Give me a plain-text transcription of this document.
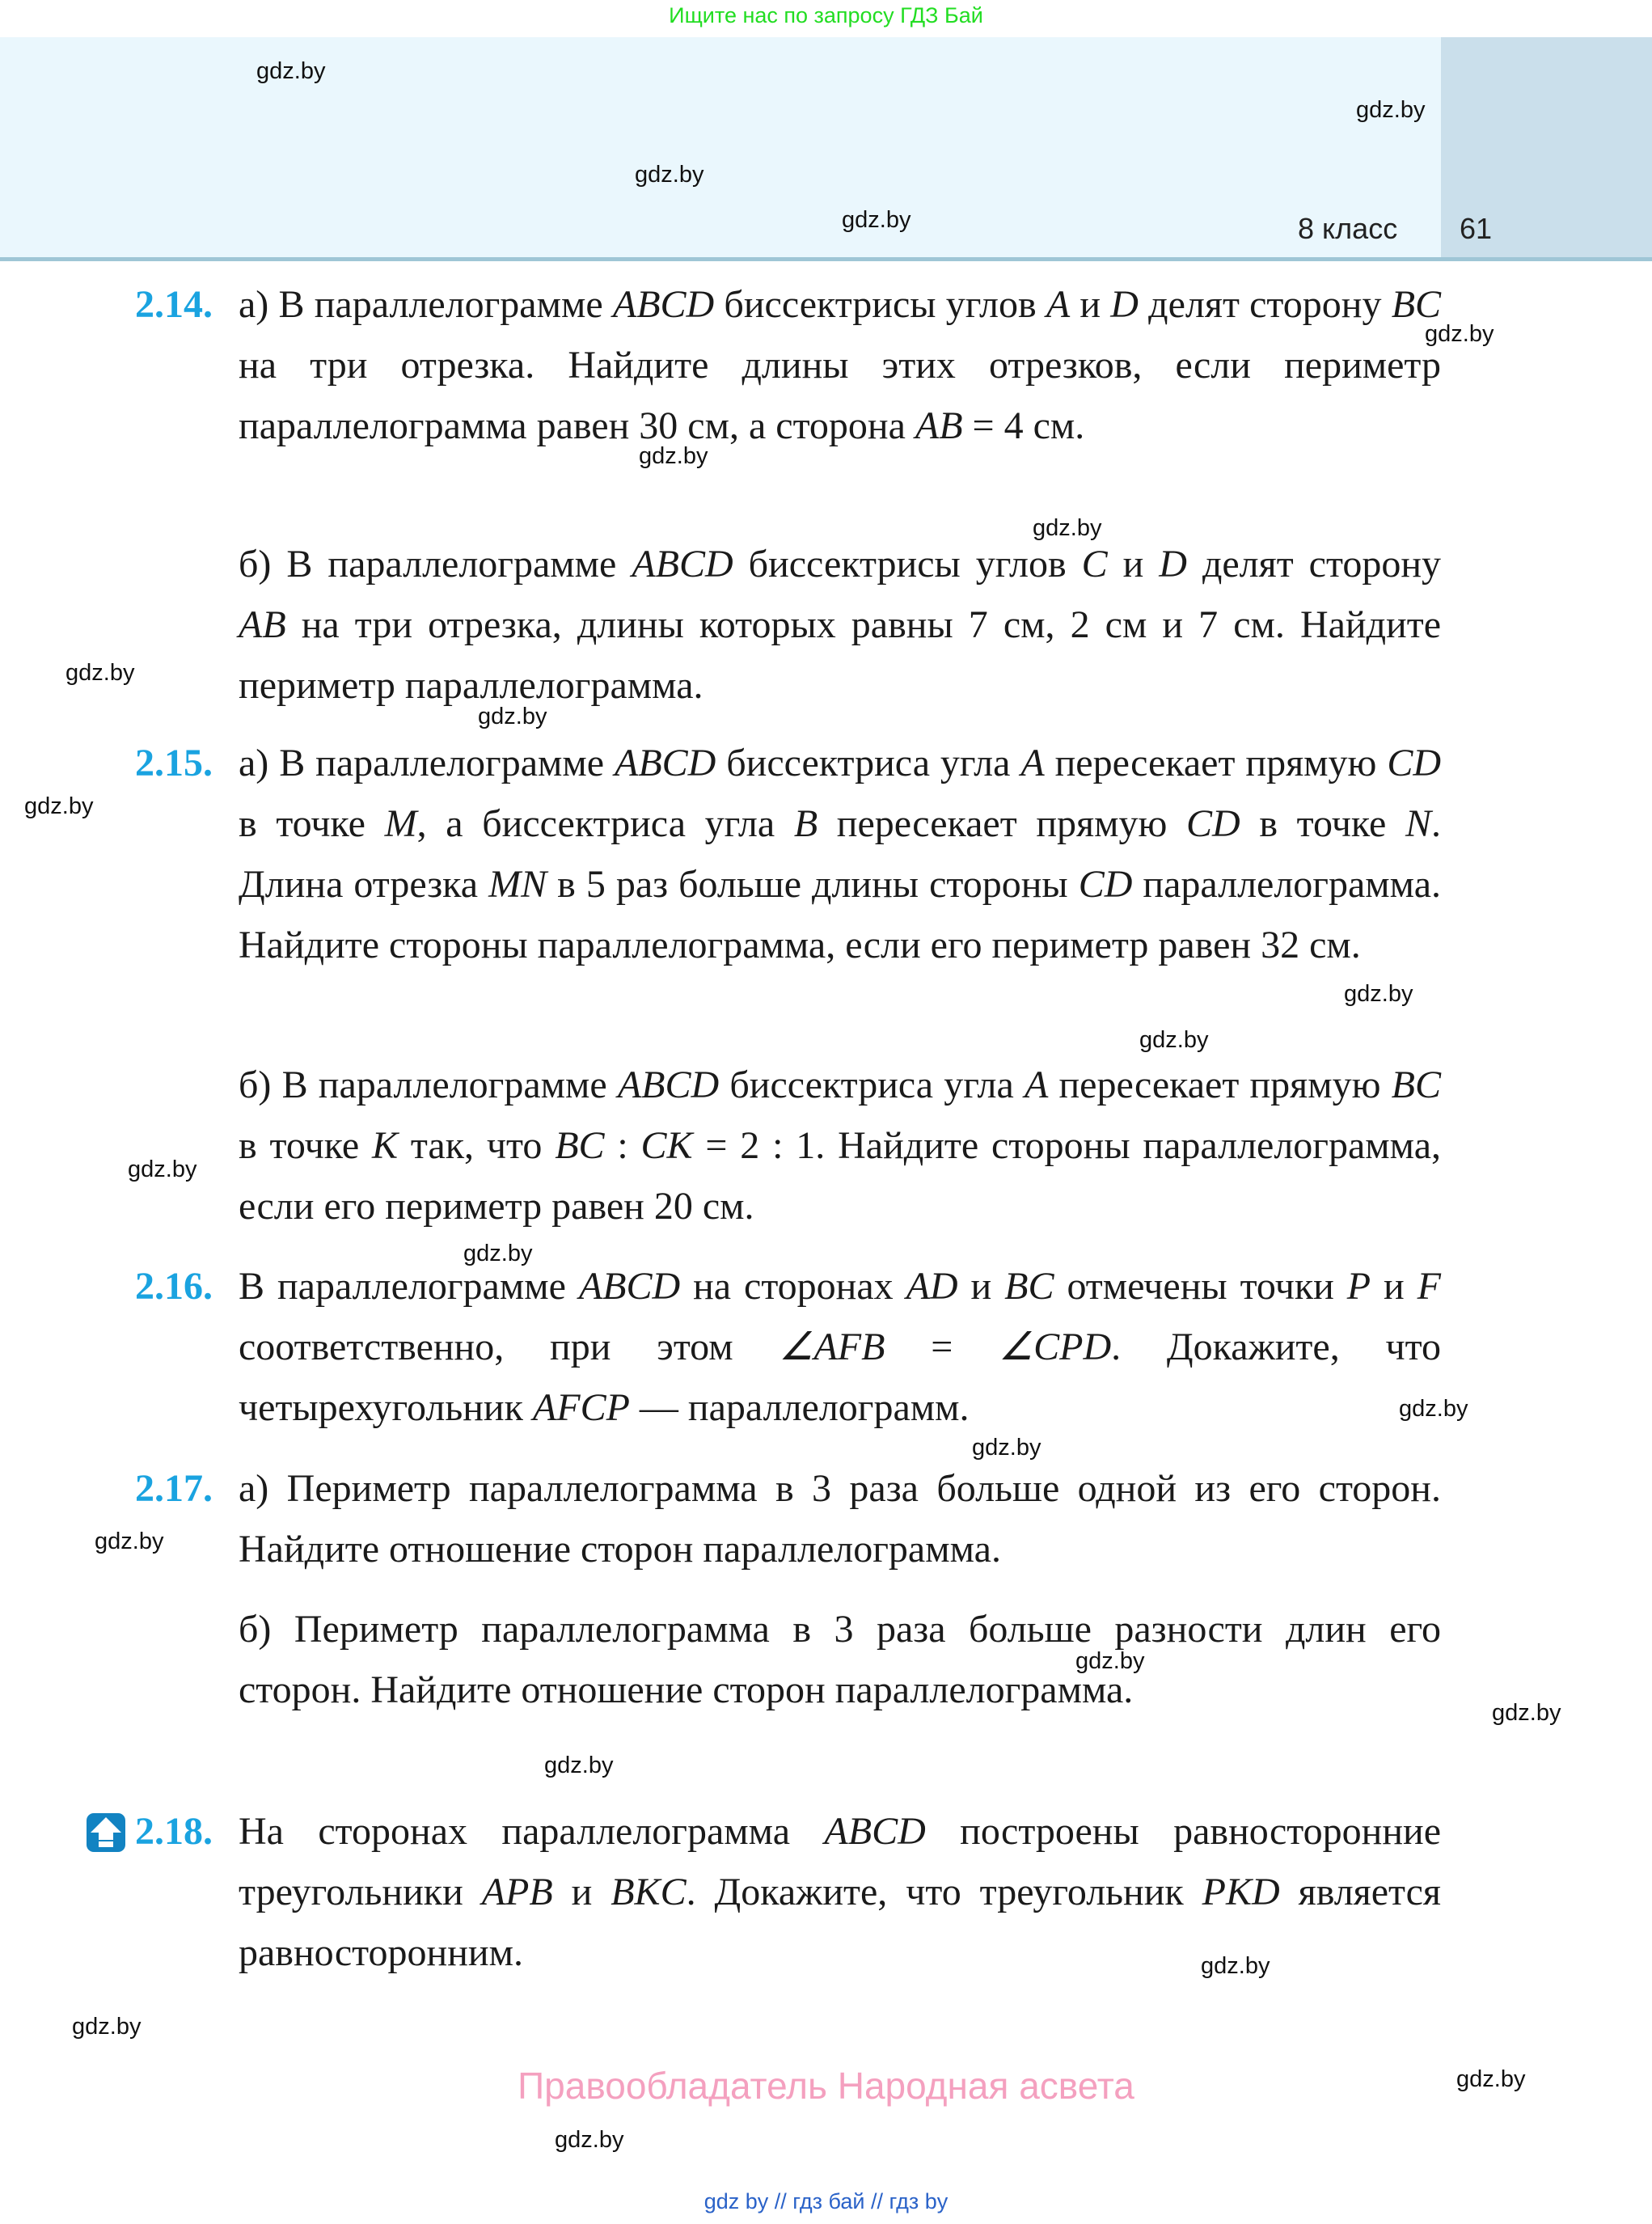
Ищите нас по запросу ГДЗ Бай
8 класс 61
2.14.
2.15.
2.16.
2.17.
2.18.
а) В параллелограмме ABCD биссектрисы углов A и D делят сторону BC на три отрезка. Найдите длины этих отрезков, если периметр параллелограмма равен 30 см, а сторона AB = 4 см.
б) В параллелограмме ABCD биссектрисы углов C и D делят сторону AB на три отрезка, длины которых равны 7 см, 2 см и 7 см. Найдите периметр параллелограмма.
а) В параллелограмме ABCD биссектриса угла A пересекает прямую CD в точке M, а биссектриса угла B пересекает прямую CD в точке N. Длина отрезка MN в 5 раз больше длины стороны CD параллелограмма. Найдите стороны параллелограмма, если его периметр равен 32 см.
б) В параллелограмме ABCD биссектриса угла A пересекает прямую BC в точке K так, что BC : CK = 2 : 1. Найдите стороны параллелограмма, если его периметр равен 20 см.
В параллелограмме ABCD на сторонах AD и BC отмечены точки P и F соответственно, при этом ∠AFB = ∠CPD. Докажите, что четырехугольник AFCP — параллелограмм.
а) Периметр параллелограмма в 3 раза больше одной из его сторон. Найдите отношение сторон параллелограмма.
б) Периметр параллелограмма в 3 раза больше разности длин его сторон. Найдите отношение сторон параллелограмма.
На сторонах параллелограмма ABCD построены равносторонние треугольники APB и BKC. Докажите, что треугольник PKD является равносторонним.
gdz.by
gdz.by
gdz.by
gdz.by
gdz.by
gdz.by
gdz.by
gdz.by
gdz.by
gdz.by
gdz.by
gdz.by
gdz.by
gdz.by
gdz.by
gdz.by
gdz.by
gdz.by
gdz.by
gdz.by
gdz.by
gdz.by
gdz.by
gdz.by
Правообладатель Народная асвета
gdz by // гдз бай // гдз by
